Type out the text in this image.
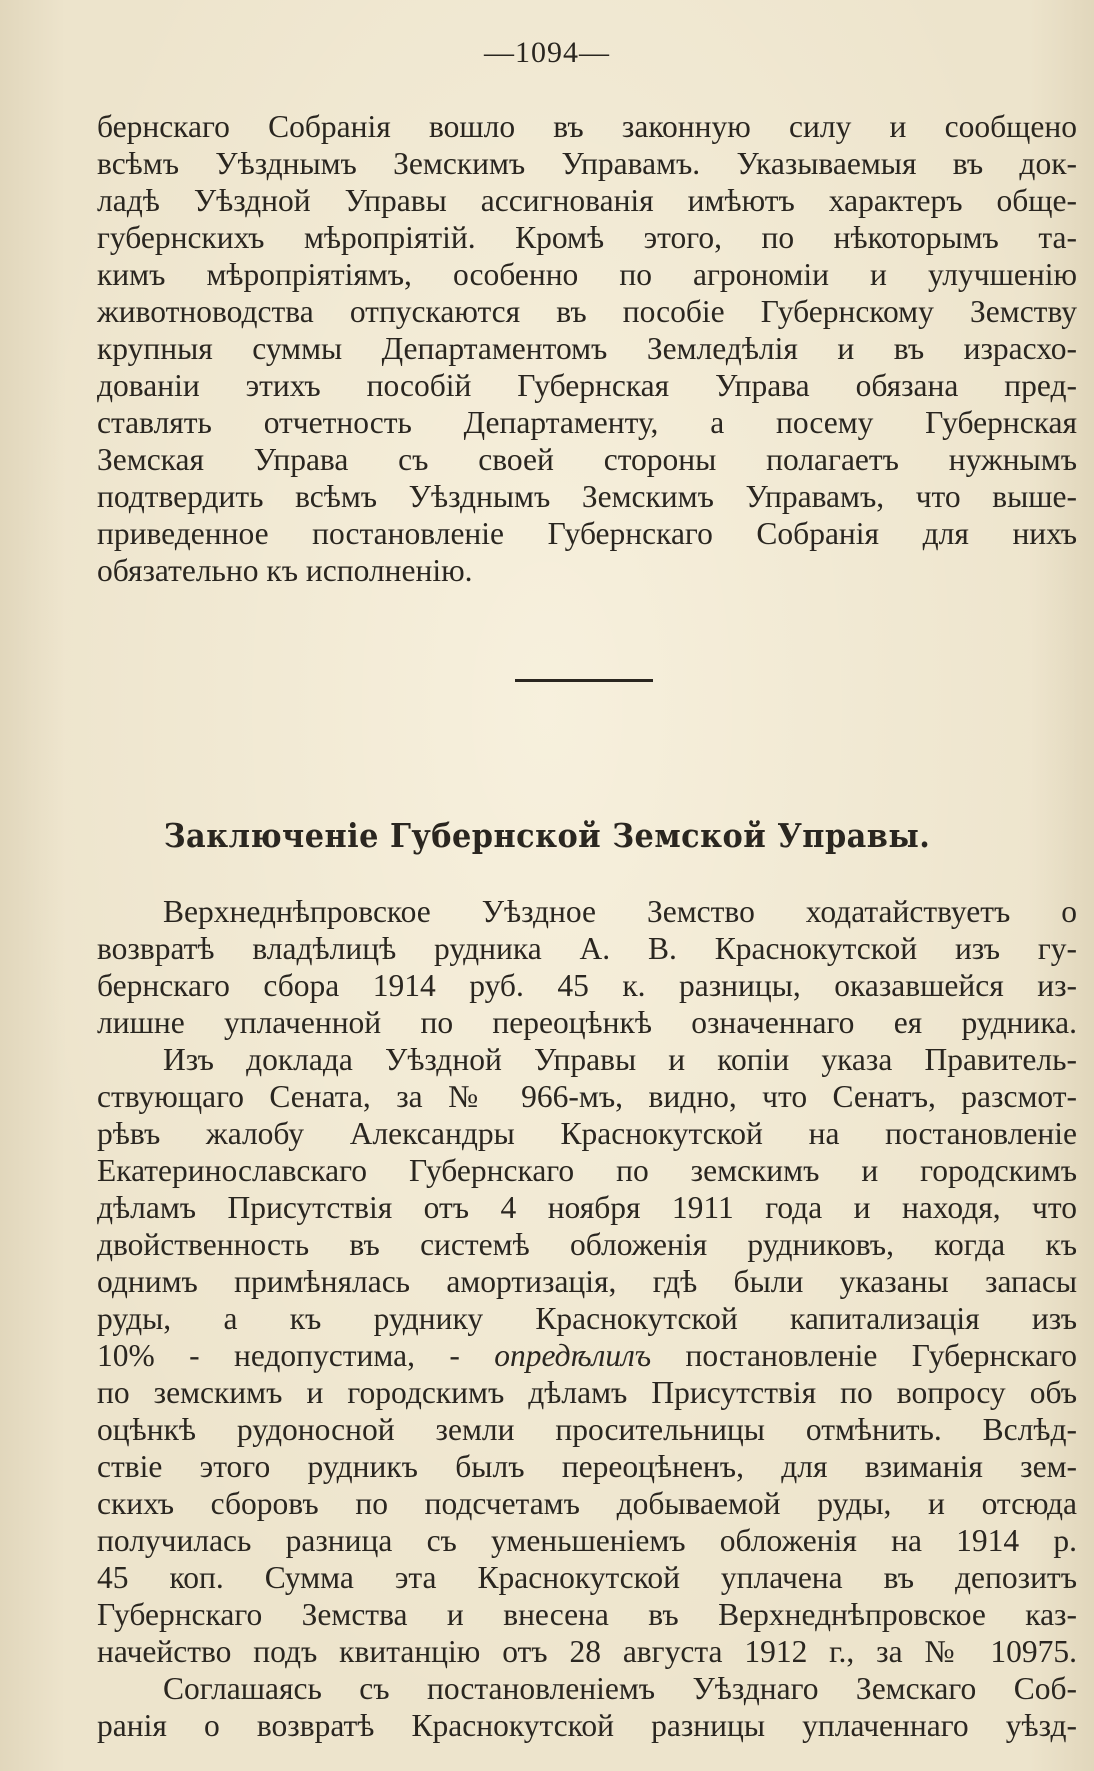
—1094—
бернскаго Собранія вошло въ законную силу и сообщено
всѣмъ Уѣзднымъ Земскимъ Управамъ. Указываемыя въ док-
ладѣ Уѣздной Управы ассигнованія имѣютъ характеръ обще-
губернскихъ мѣропріятій. Кромѣ этого, по нѣкоторымъ та-
кимъ мѣропріятіямъ, особенно по агрономіи и улучшенію
животноводства отпускаются въ пособіе Губернскому Земству
крупныя суммы Департаментомъ Земледѣлія и въ израсхо-
дованіи этихъ пособій Губернская Управа обязана пред-
ставлять отчетность Департаменту, а посему Губернская
Земская Управа съ своей стороны полагаетъ нужнымъ
подтвердить всѣмъ Уѣзднымъ Земскимъ Управамъ, что выше-
приведенное постановленіе Губернскаго Собранія для нихъ
обязательно къ исполненію.
Заключеніе Губернской Земской Управы.
Верхнеднѣпровское Уѣздное Земство ходатайствуетъ о
возвратѣ владѣлицѣ рудника А. В. Краснокутской изъ гу-
бернскаго сбора 1914 руб. 45 к. разницы, оказавшейся из-
лишне уплаченной по переоцѣнкѣ означеннаго ея рудника.
Изъ доклада Уѣздной Управы и копіи указа Правитель-
ствующаго Сената, за № 966-мъ, видно, что Сенатъ, разсмот-
рѣвъ жалобу Александры Краснокутской на постановленіе
Екатеринославскаго Губернскаго по земскимъ и городскимъ
дѣламъ Присутствія отъ 4 ноября 1911 года и находя, что
двойственность въ системѣ обложенія рудниковъ, когда къ
однимъ примѣнялась амортизація, гдѣ были указаны запасы
руды, а къ руднику Краснокутской капитализація изъ
10% - недопустима, - опредѣлилъ постановленіе Губернскаго
по земскимъ и городскимъ дѣламъ Присутствія по вопросу объ
оцѣнкѣ рудоносной земли просительницы отмѣнить. Вслѣд-
ствіе этого рудникъ былъ переоцѣненъ, для взиманія зем-
скихъ сборовъ по подсчетамъ добываемой руды, и отсюда
получилась разница съ уменьшеніемъ обложенія на 1914 р.
45 коп. Сумма эта Краснокутской уплачена въ депозитъ
Губернскаго Земства и внесена въ Верхнеднѣпровское каз-
начейство подъ квитанцію отъ 28 августа 1912 г., за № 10975.
Соглашаясь съ постановленіемъ Уѣзднаго Земскаго Соб-
ранія о возвратѣ Краснокутской разницы уплаченнаго уѣзд-
